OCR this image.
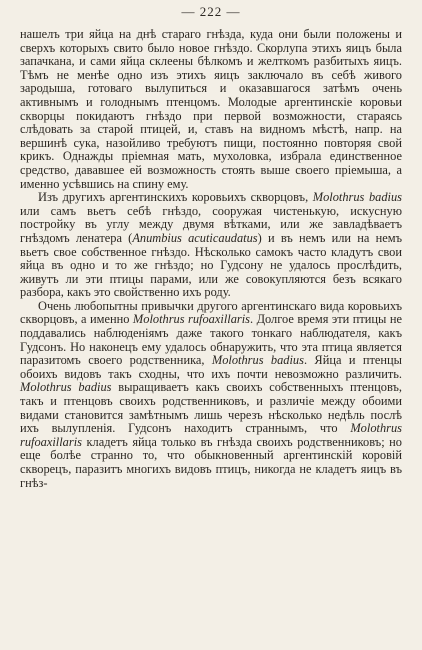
— 222 —

нашелъ три яйца на днѣ стараго гнѣзда, куда они были положены и сверхъ которыхъ свито было новое гнѣздо. Скорлупа этихъ яицъ была запачкана, и сами яйца склеены бѣлкомъ и желткомъ разбитыхъ яицъ. Тѣмъ не менѣе одно изъ этихъ яицъ заключало въ себѣ живого зародыша, готоваго вылупиться и оказавшагося затѣмъ очень активнымъ и голоднымъ птенцомъ. Молодые аргентинскіе коровьи скворцы покидаютъ гнѣздо при первой возможности, стараясь слѣдовать за старой птицей, и, ставъ на видномъ мѣстѣ, напр. на вершинѣ сука, назойливо требуютъ пищи, постоянно повторяя свой крикъ. Однажды пріемная мать, мухоловка, избрала единственное средство, дававшее ей возможность стоять выше своего пріемыша, а именно усѣвшись на спину ему.

Изъ другихъ аргентинскихъ коровьихъ скворцовъ, Molothrus badius или самъ вьетъ себѣ гнѣздо, сооружая чистенькую, искусную постройку въ углу между двумя вѣтками, или же завладѣваетъ гнѣздомъ ленатера (Anumbius acuticaudatus) и въ немъ или на немъ вьетъ свое собственное гнѣздо. Нѣсколько самокъ часто кладутъ свои яйца въ одно и то же гнѣздо; но Гудсону не удалось прослѣдить, живутъ ли эти птицы парами, или же совокупляются безъ всякаго разбора, какъ это свойственно ихъ роду.

Очень любопытны привычки другого аргентинскаго вида коровьихъ скворцовъ, а именно Molothrus rufoaxillaris. Долгое время эти птицы не поддавались наблюденіямъ даже такого тонкаго наблюдателя, какъ Гудсонъ. Но наконецъ ему удалось обнаружить, что эта птица является паразитомъ своего родственника, Molothrus badius. Яйца и птенцы обоихъ видовъ такъ сходны, что ихъ почти невозможно различить. Molothrus badius выращиваетъ какъ своихъ собственныхъ птенцовъ, такъ и птенцовъ своихъ родственниковъ, и различіе между обоими видами становится замѣтнымъ лишь черезъ нѣсколько недѣль послѣ ихъ вылупленія. Гудсонъ находитъ страннымъ, что Molothrus rufoaxillaris кладетъ яйца только въ гнѣзда своихъ родственниковъ; но еще болѣе странно то, что обыкновенный аргентинскій коровій скворецъ, паразитъ многихъ видовъ птицъ, никогда не кладетъ яицъ въ гнѣз-
